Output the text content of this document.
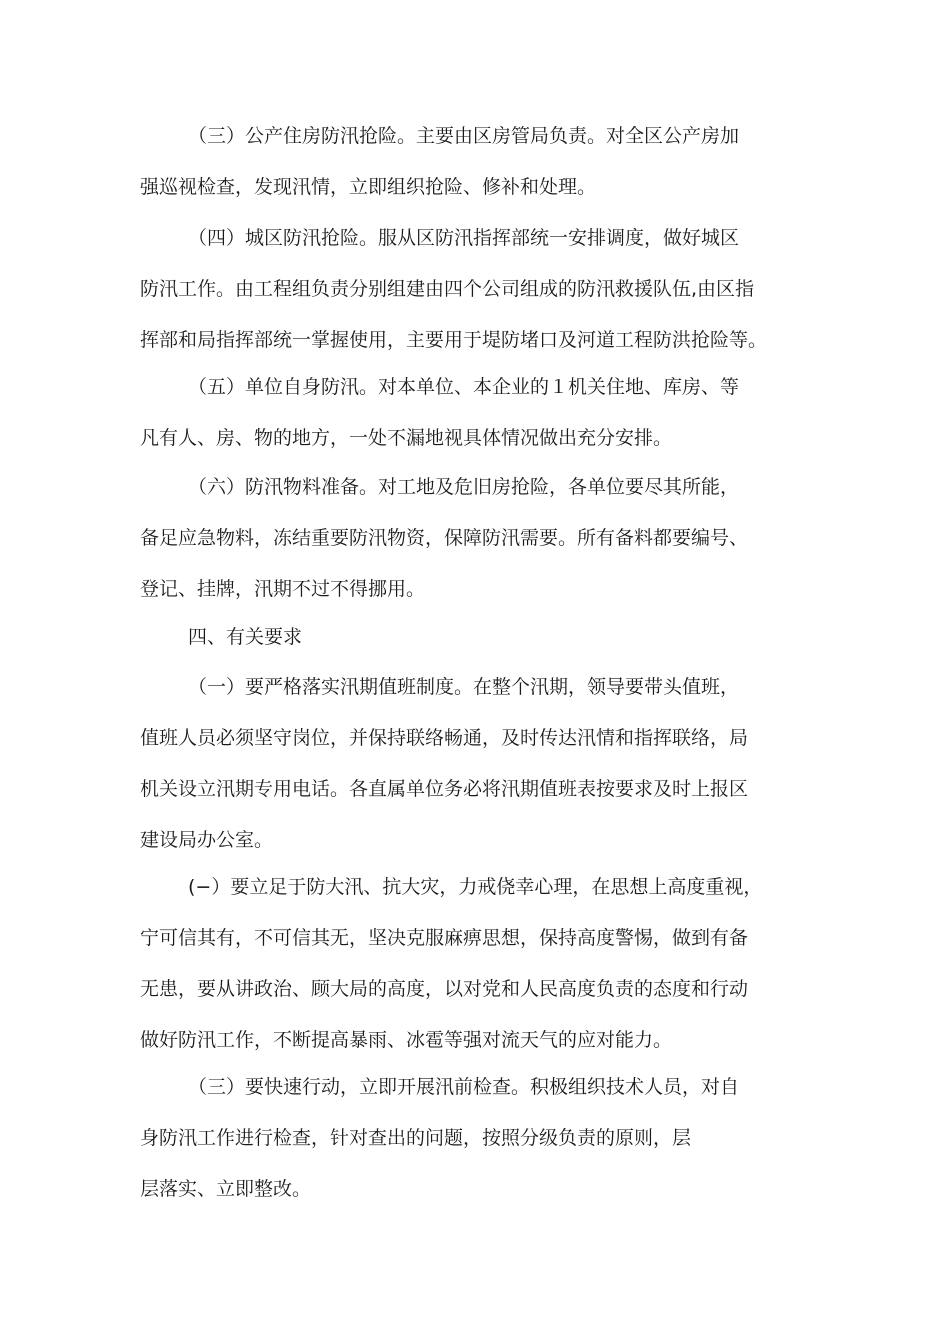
（三）公产住房防汛抢险。主要由区房管局负责。对全区公产房加
强巡视检查，发现汛情，立即组织抢险、修补和处理。

（四）城区防汛抢险。服从区防汛指挥部统一安排调度，做好城区
防汛工作。由工程组负责分别组建由四个公司组成的防汛救援队伍,由区指
挥部和局指挥部统一掌握使用，主要用于堤防堵口及河道工程防洪抢险等。

（五）单位自身防汛。对本单位、本企业的１机关住地、库房、等
凡有人、房、物的地方，一处不漏地视具体情况做出充分安排。

（六）防汛物料准备。对工地及危旧房抢险，各单位要尽其所能，
备足应急物料，冻结重要防汛物资，保障防汛需要。所有备料都要编号、
登记、挂牌，汛期不过不得挪用。

四、有关要求

（一）要严格落实汛期值班制度。在整个汛期，领导要带头值班，
值班人员必须坚守岗位，并保持联络畅通，及时传达汛情和指挥联络，局
机关设立汛期专用电话。各直属单位务必将汛期值班表按要求及时上报区
建设局办公室。

(−）要立足于防大汛、抗大灾，力戒侥幸心理，在思想上高度重视，
宁可信其有，不可信其无，坚决克服麻痹思想，保持高度警惕，做到有备
无患，要从讲政治、顾大局的高度，以对党和人民高度负责的态度和行动
做好防汛工作，不断提高暴雨、冰雹等强对流天气的应对能力。

（三）要快速行动，立即开展汛前检查。积极组织技术人员，对自
身防汛工作进行检查，针对查出的问题，按照分级负责的原则，层
层落实、立即整改。
